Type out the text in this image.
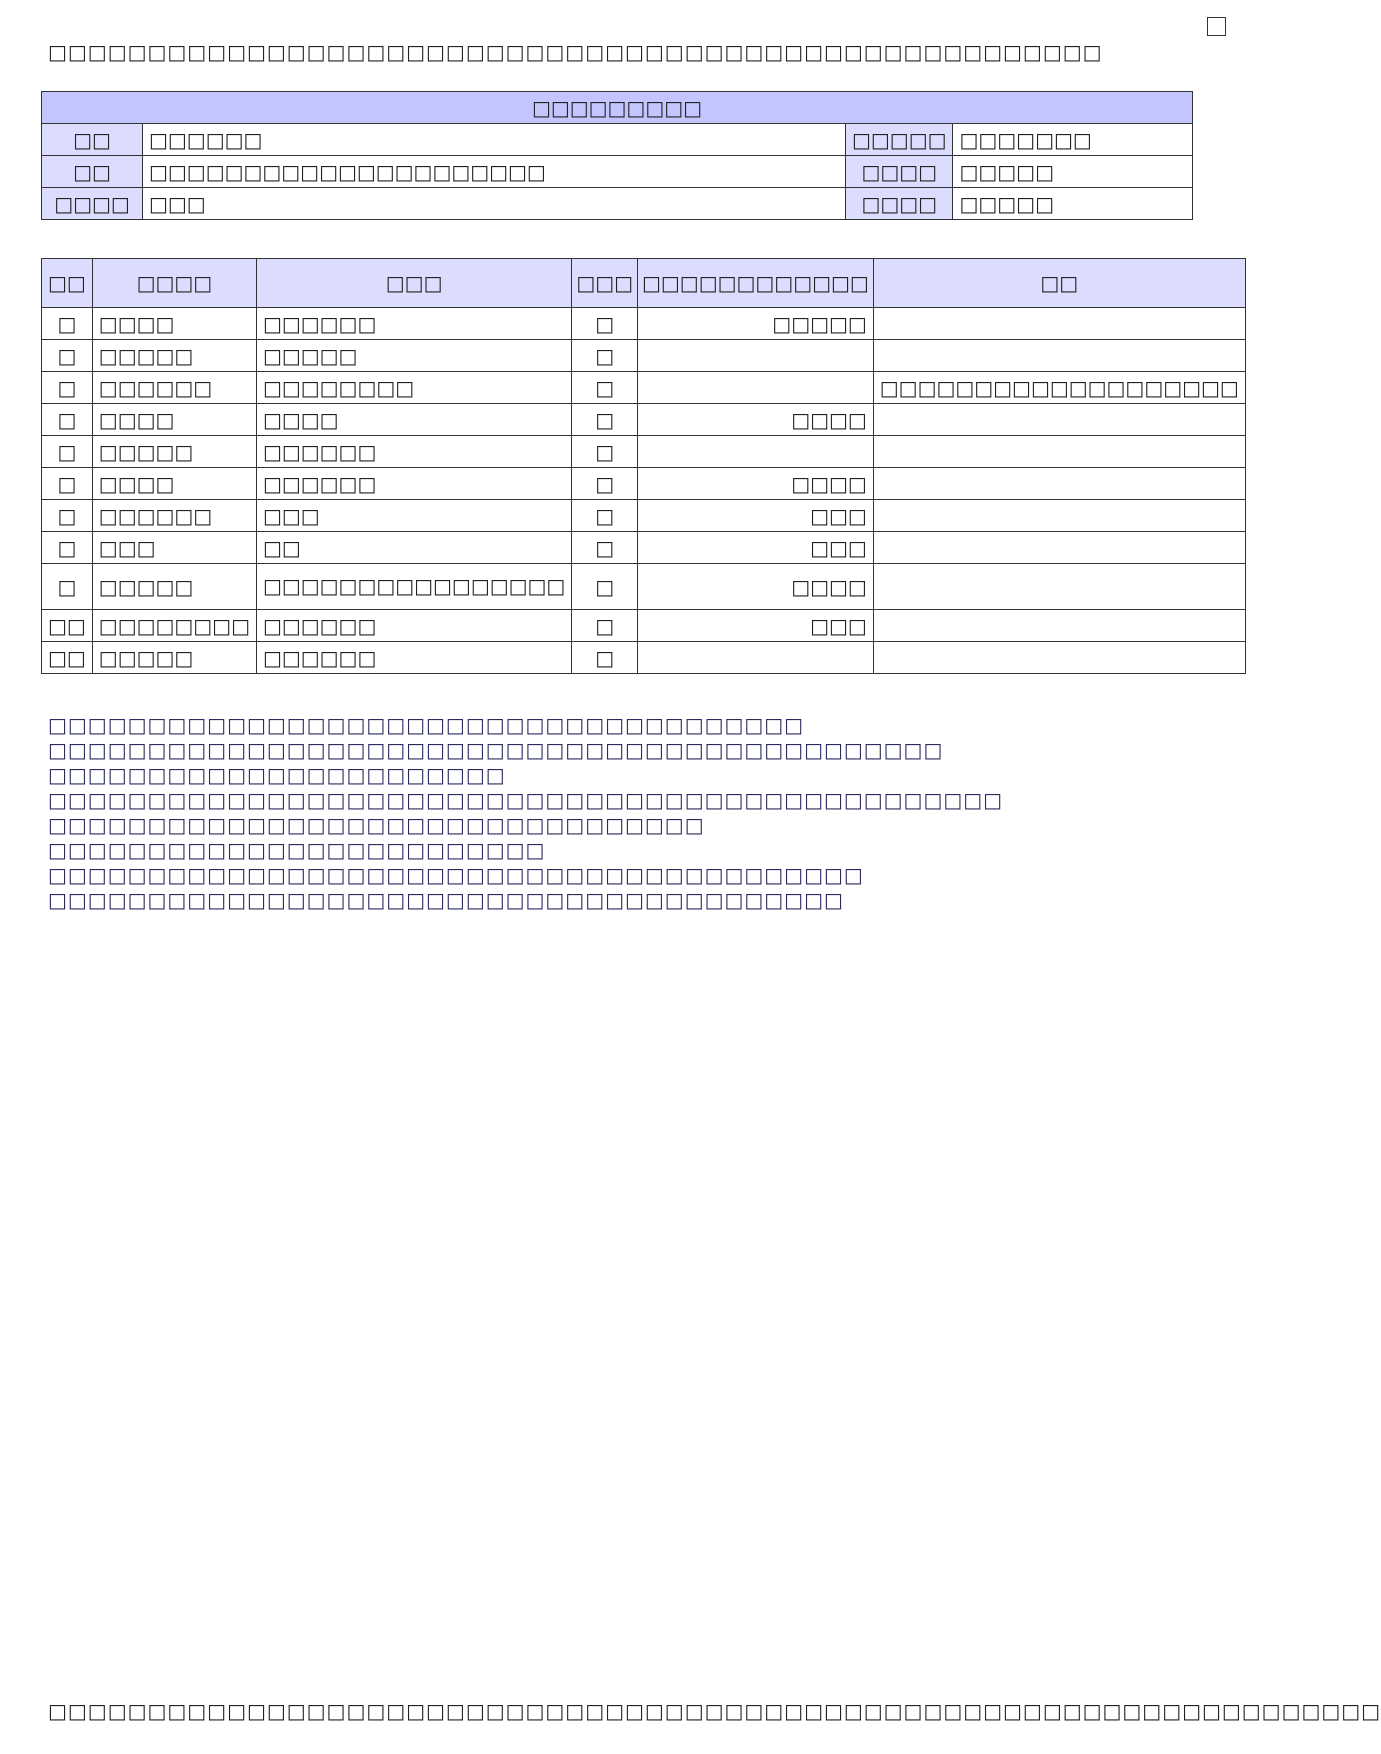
□□□□□□□□□□□□□□□□□□□□□□□□□□□□□□□□□□□□□□□□□□□□□□□□□□□□□
□□□□□□□□□			
□□	□□□□□□	□□□□□	□□□□□□□
□□	□□□□□□□□□□□□□□□□□□□□□	□□□□	□□□□□
□□□□	□□□	□□□□	□□□□□
□□	□□□□	□□□	□□□	□□□□□□□□□□□□	□□
□	□□□□	□□□□□□	□	□□□□□	
□	□□□□□	□□□□□	□		
□	□□□□□□	□□□□□□□□	□		□□□□□□□□□□□□□□□□□□□
□	□□□□	□□□□	□	□□□□	
□	□□□□□	□□□□□□	□		
□	□□□□	□□□□□□	□	□□□□	
□	□□□□□□	□□□	□	□□□	
□	□□□	□□	□	□□□	
□	□□□□□	□□□□□□□□□□□□□□□□	□	□□□□	
□□	□□□□□□□□	□□□□□□	□	□□□	
□□	□□□□□	□□□□□□	□		
□□□□□□□□□□□□□□□□□□□□□□□□□□□□□□□□□□□□□□
□□□□□□□□□□□□□□□□□□□□□□□□□□□□□□□□□□□□□□□□□□□□□
□□□□□□□□□□□□□□□□□□□□□□□
□□□□□□□□□□□□□□□□□□□□□□□□□□□□□□□□□□□□□□□□□□□□□□□□
□□□□□□□□□□□□□□□□□□□□□□□□□□□□□□□□□
□□□□□□□□□□□□□□□□□□□□□□□□□
□□□□□□□□□□□□□□□□□□□□□□□□□□□□□□□□□□□□□□□□□
□□□□□□□□□□□□□□□□□□□□□□□□□□□□□□□□□□□□□□□□
□□□□□□□□□□□□□□□□□□□□□□□□□□□□□□□□□□□□□□□□□□□□□□□□□□□□□□□□□□□□□□□□□□□
